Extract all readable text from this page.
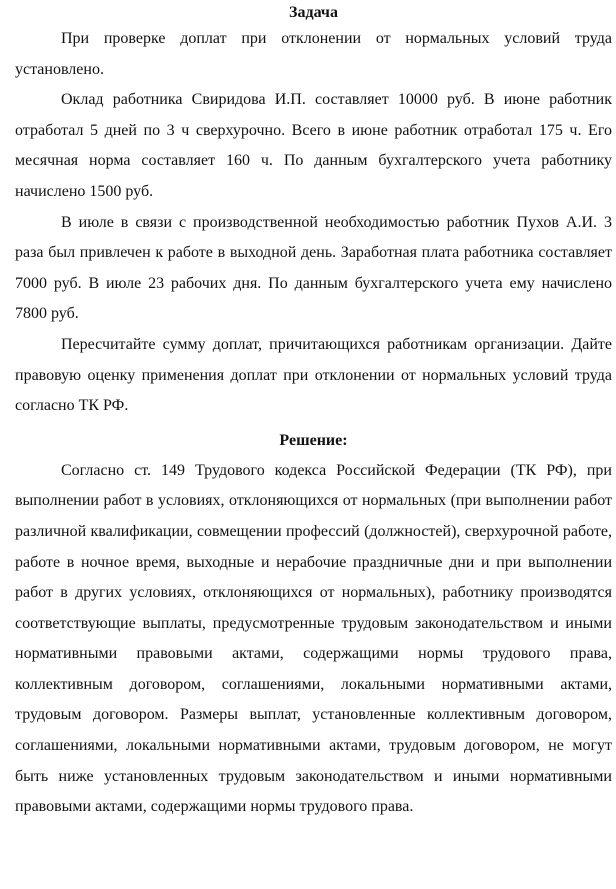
Задача

При проверке доплат при отклонении от нормальных условий труда установлено.

Оклад работника Свиридова И.П. составляет 10000 руб. В июне работник отработал 5 дней по 3 ч сверхурочно. Всего в июне работник отработал 175 ч. Его месячная норма составляет 160 ч. По данным бухгалтерского учета работнику начислено 1500 руб.

В июле в связи с производственной необходимостью работник Пухов А.И. 3 раза был привлечен к работе в выходной день. Заработная плата работника составляет 7000 руб. В июле 23 рабочих дня. По данным бухгалтерского учета ему начислено 7800 руб.

Пересчитайте сумму доплат, причитающихся работникам организации. Дайте правовую оценку применения доплат при отклонении от нормальных условий труда согласно ТК РФ.

Решение:

Согласно ст. 149 Трудового кодекса Российской Федерации (ТК РФ), при выполнении работ в условиях, отклоняющихся от нормальных (при выполнении работ различной квалификации, совмещении профессий (должностей), сверхурочной работе, работе в ночное время, выходные и нерабочие праздничные дни и при выполнении работ в других условиях, отклоняющихся от нормальных), работнику производятся соответствующие выплаты, предусмотренные трудовым законодательством и иными нормативными правовыми актами, содержащими нормы трудового права, коллективным договором, соглашениями, локальными нормативными актами, трудовым договором. Размеры выплат, установленные коллективным договором, соглашениями, локальными нормативными актами, трудовым договором, не могут быть ниже установленных трудовым законодательством и иными нормативными правовыми актами, содержащими нормы трудового права.
